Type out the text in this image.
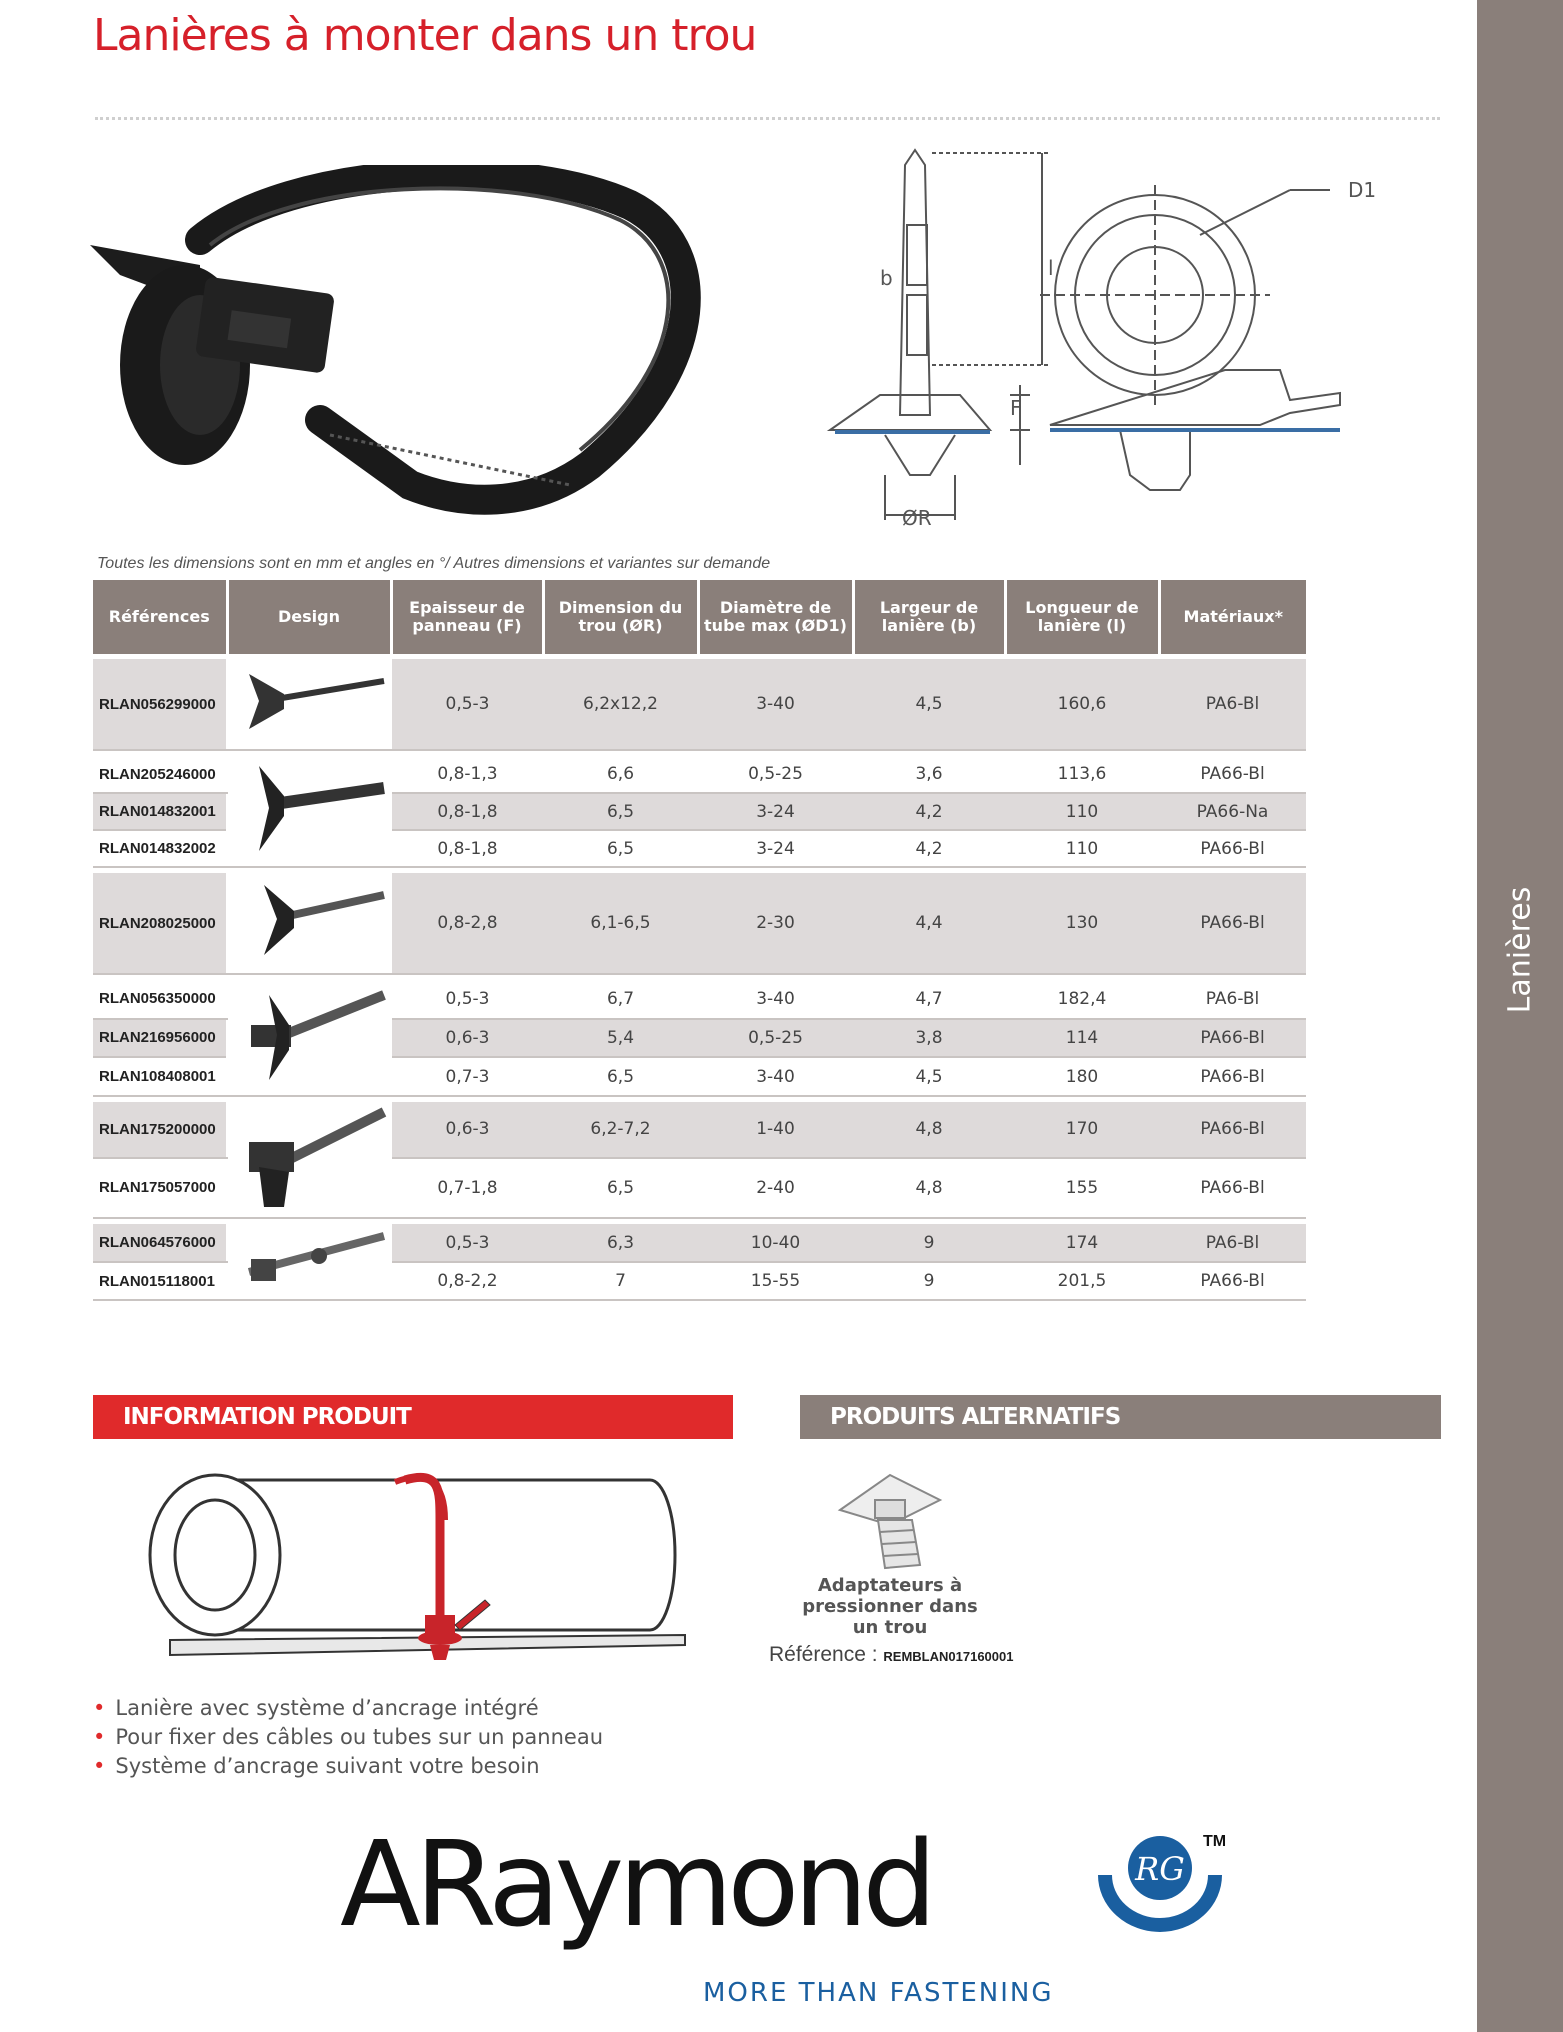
Lanières
Lanières à monter dans un trou
b	l
F
ØR
D1
Toutes les dimensions sont en mm et angles en °/ Autres dimensions et variantes sur demande
Références	Design	Epaisseur de panneau (F)	Dimension du trou (ØR)	Diamètre de tube max (ØD1)	Largeur de lanière (b)	Longueur de lanière (l)	Matériaux*

RLAN056299000		0,5-3	6,2x12,2	3-40	4,5	160,6	PA6-Bl

RLAN205246000		0,8-1,3	6,6	0,5-25	3,6	113,6	PA66-Bl
RLAN014832001		0,8-1,8	6,5	3-24	4,2	110	PA66-Na
RLAN014832002		0,8-1,8	6,5	3-24	4,2	110	PA66-Bl

RLAN208025000		0,8-2,8	6,1-6,5	2-30	4,4	130	PA66-Bl

RLAN056350000		0,5-3	6,7	3-40	4,7	182,4	PA6-Bl
RLAN216956000		0,6-3	5,4	0,5-25	3,8	114	PA66-Bl
RLAN108408001		0,7-3	6,5	3-40	4,5	180	PA66-Bl

RLAN175200000		0,6-3	6,2-7,2	1-40	4,8	170	PA66-Bl
RLAN175057000		0,7-1,8	6,5	2-40	4,8	155	PA66-Bl

RLAN064576000		0,5-3	6,3	10-40	9	174	PA6-Bl
RLAN015118001		0,8-2,2	7	15-55	9	201,5	PA66-Bl
INFORMATION PRODUIT	PRODUITS ALTERNATIFS
• Lanière avec système d’ancrage intégré
• Pour fixer des câbles ou tubes sur un panneau
• Système d’ancrage suivant votre besoin
Adaptateurs à pressionner dans un trou
Référence : REMBLAN017160001
ARaymond	RG
TM
MORE THAN FASTENING
